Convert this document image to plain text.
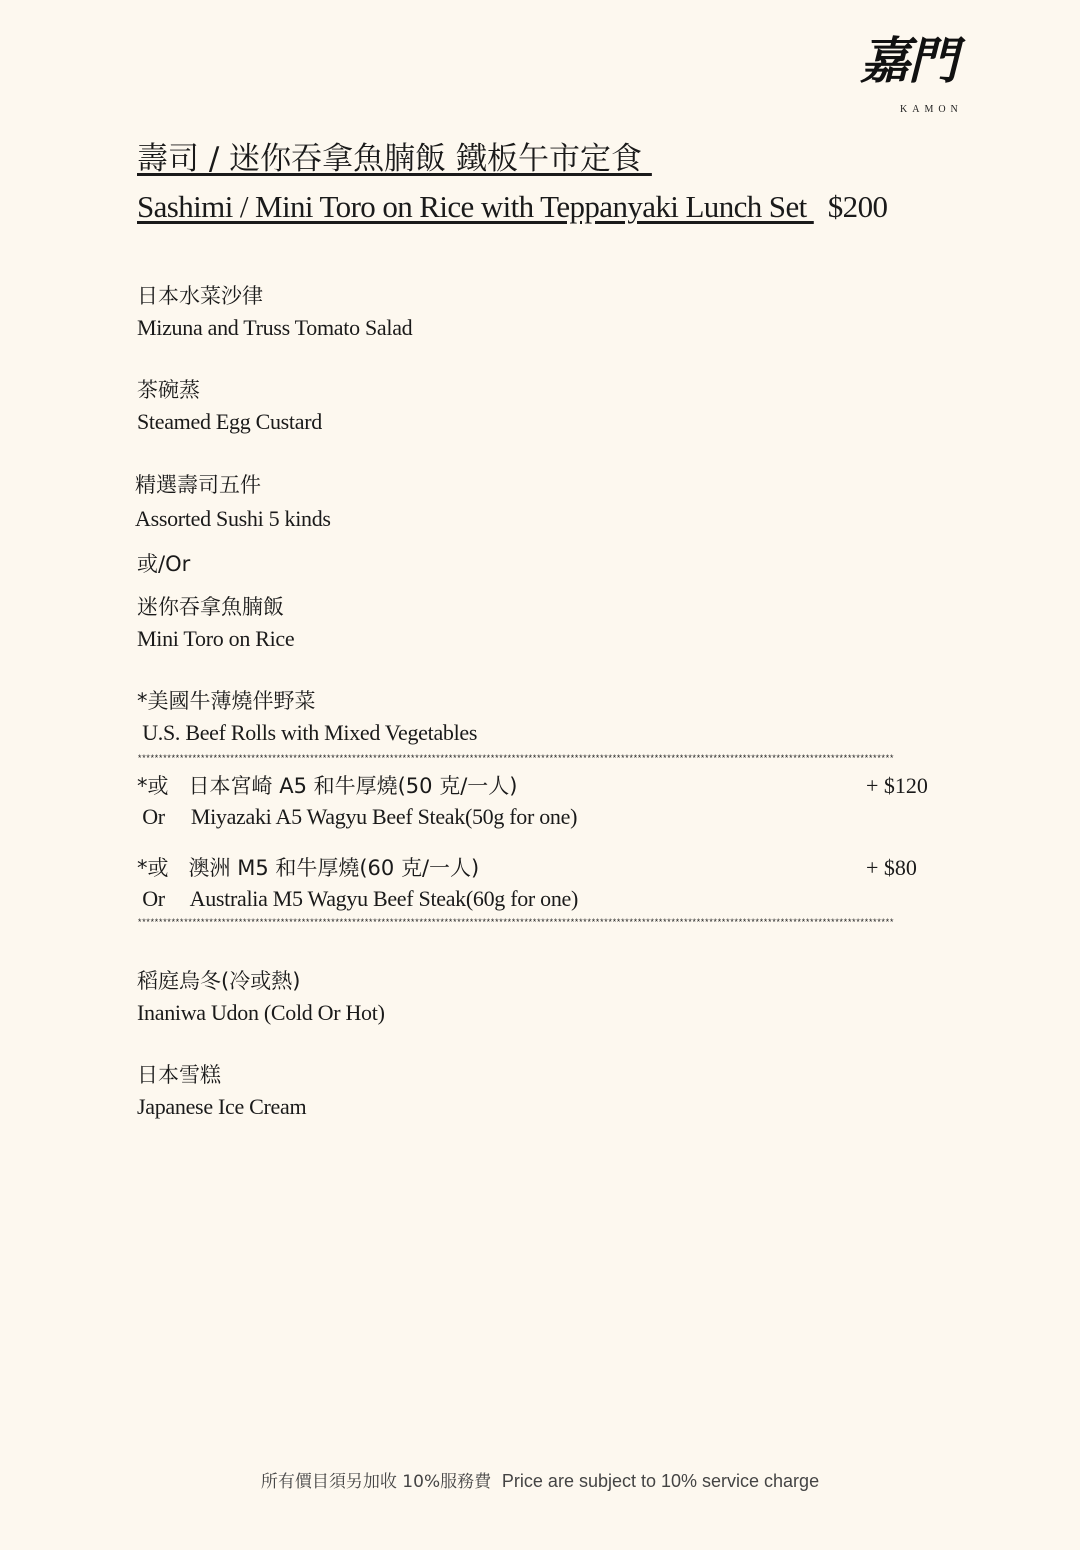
嘉門
KAMON
壽司 / 迷你吞拿魚腩飯 鐵板午市定食
Sashimi / Mini Toro on Rice with Teppanyaki Lunch Set $200
日本水菜沙律
Mizuna and Truss Tomato Salad
茶碗蒸
Steamed Egg Custard
精選壽司五件
Assorted Sushi 5 kinds
或/Or
迷你吞拿魚腩飯
Mini Toro on Rice
*美國牛薄燒伴野菜
U.S. Beef Rolls with Mixed Vegetables
************************************************************************************************************************************************************************************
*或   日本宮崎 A5 和牛厚燒(50 克/一人)	+ $120
Or     Miyazaki A5 Wagyu Beef Steak(50g for one)
*或   澳洲 M5 和牛厚燒(60 克/一人)	+ $80
Or     Australia M5 Wagyu Beef Steak(60g for one)
************************************************************************************************************************************************************************************
稻庭烏冬(冷或熱)
Inaniwa Udon (Cold Or Hot)
日本雪糕
Japanese Ice Cream
所有價目須另加收 10%服務費 Price are subject to 10% service charge
